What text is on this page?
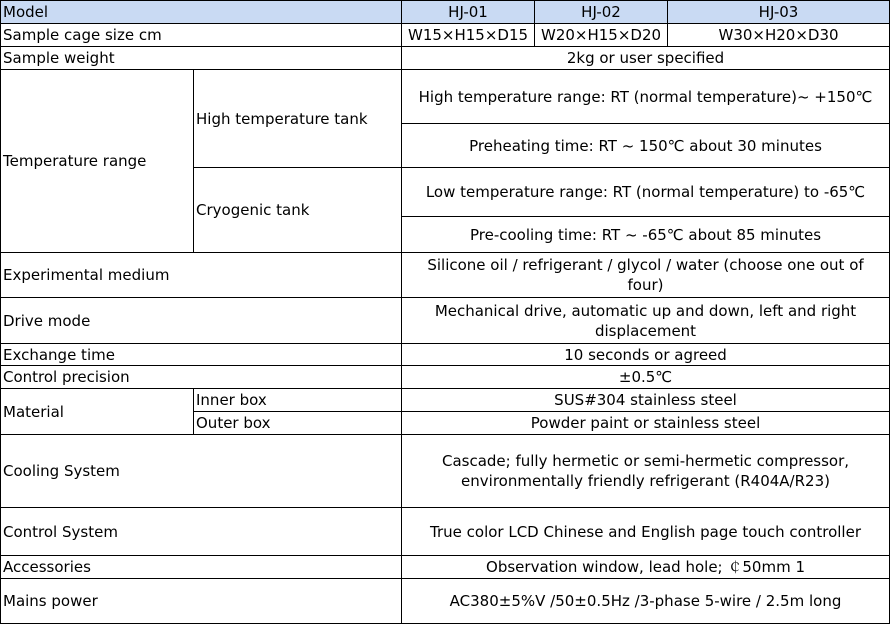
Model		HJ-01	HJ-02	HJ-03
Sample cage size cm		W15×H15×D15	W20×H15×D20	W30×H20×D30
Sample weight		2kg or user specified		
Temperature range	High temperature tank	High temperature range: RT (normal temperature)~ +150℃		
		Preheating time: RT ~ 150℃ about 30 minutes		
	Cryogenic tank	Low temperature range: RT (normal temperature) to -65℃		
		Pre-cooling time: RT ~ -65℃ about 85 minutes		
Experimental medium		Silicone oil / refrigerant / glycol / water (choose one out of
four)		

Drive mode		Mechanical drive, automatic up and down, left and right
displacement		

Exchange time		10 seconds or agreed		
Control precision		±0.5℃		
Material	Inner box	SUS#304 stainless steel		
	Outer box	Powder paint or stainless steel		
Cooling System		Cascade; fully hermetic or semi-hermetic compressor,
environmentally friendly refrigerant (R404A/R23)		

Control System		True color LCD Chinese and English page touch controller		
Accessories		Observation window, lead hole; ￠50mm 1		
Mains power		AC380±5%V /50±0.5Hz /3-phase 5-wire / 2.5m long		
